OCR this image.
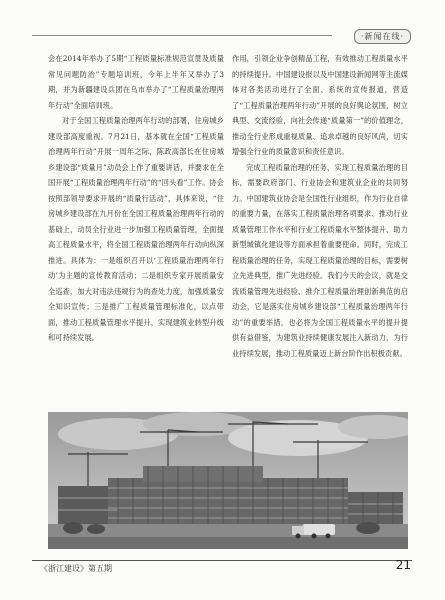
·新闻在线·

会在2014年举办了5期“工程质量标准规范宣贯及质量常见问题防治”专题培训班，今年上半年又举办了3期，并为新疆建设兵团在乌市举办了“工程质量治理两年行动”全面培训班。

对于全国工程质量治理两年行动的部署，住房城乡建设部高度重视。7月21日，基本就在全国“工程质量治理两年行动”开展一周年之际，陈政高部长在住房城乡建设部“质量月”动员会上作了重要讲话，并要求在全国开展“工程质量治理两年行动”的“回头看”工作。协会按照部领导要求开展的“质量行活动”，具体来说，“住房城乡建设部在九月份在全国工程质量治理两年行动的基础上，动员全行业进一步加强工程质量管理，全面提高工程质量水平，将全国工程质量治理两年行动向纵深推进。具体为：一是组织召开以‘工程质量治理两年行动’为主题的宣传教育活动；二是组织专家开展质量安全巡查，加大对违法违规行为的查处力度，加强质量安全知识宣传；三是推广工程质量管理标准化，以点带面，推动工程质量管理水平提升，实现建筑业转型升级和可持续发展。

作用，引领企业争创精品工程，有效推动工程质量水平的持续提升。中国建设报以及中国建设新闻网等主流媒体对各类活动进行了全面、系统的宣传报道，营造了“工程质量治理两年行动”开展的良好舆论氛围，树立典型、交流经验，向社会传递“质量第一”的价值理念，推动全行业形成重视质量、追求卓越的良好风尚，切实增强全行业的质量意识和责任意识。

完成工程质量治理的任务，实现工程质量治理的目标，需要政府部门、行业协会和建筑业企业的共同努力。中国建筑业协会是全国性行业组织，作为行业自律的重要力量，在落实工程质量治理各项要求、推动行业质量管理工作水平和行业工程质量水平整体提升、助力新型城镇化建设等方面承担着重要使命。同时，完成工程质量治理的任务，实现工程质量治理的目标，需要树立先进典型，推广先进经验。我们今天的会议，就是交流质量管理先进经验、推介工程质量治理创新典范的启动会，它是落实住房城乡建设部“工程质量治理两年行动”的重要举措，也必将为全国工程质量水平的提升提供有益借鉴，为建筑业持续健康发展注入新动力，为行业持续发展，推动工程质量迈上新台阶作出积极贡献。

《浙江建设》第五期	21
